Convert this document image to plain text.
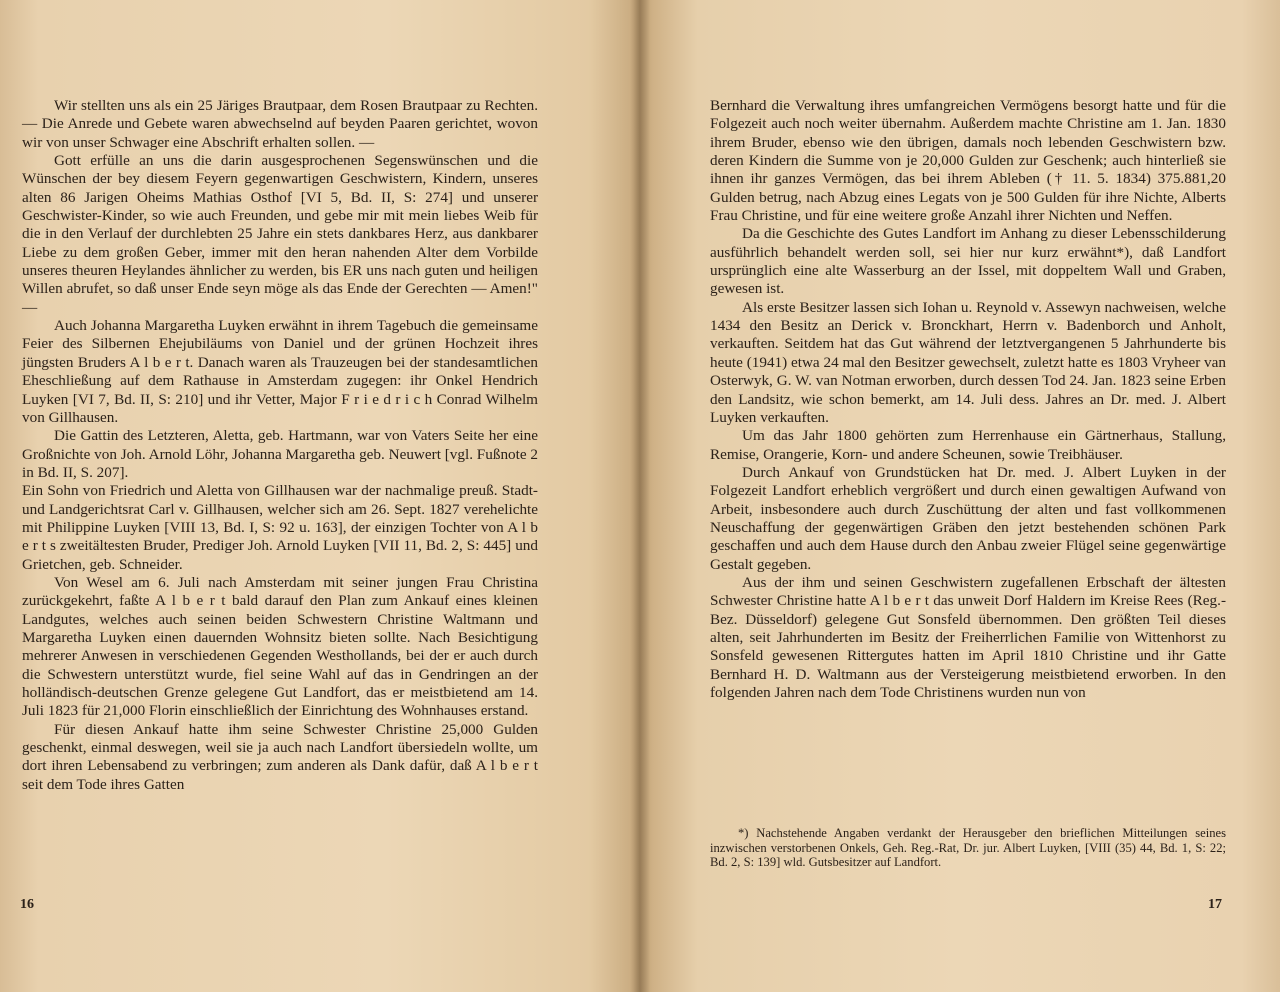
Wir stellten uns als ein 25 Järiges Brautpaar, dem Rosen Brautpaar zu Rechten. — Die Anrede und Gebete waren abwechselnd auf beyden Paaren gerichtet, wovon wir von unser Schwager eine Abschrift erhalten sollen. —

Gott erfülle an uns die darin ausgesprochenen Segenswünschen und die Wünschen der bey diesem Feyern gegenwartigen Geschwistern, Kindern, unseres alten 86 Jarigen Oheims Mathias Osthof [VI 5, Bd. II, S: 274] und unserer Geschwister-Kinder, so wie auch Freunden, und gebe mir mit mein liebes Weib für die in den Verlauf der durchlebten 25 Jahre ein stets dankbares Herz, aus dankbarer Liebe zu dem großen Geber, immer mit den heran nahenden Alter dem Vorbilde unseres theuren Heylandes ähnlicher zu werden, bis ER uns nach guten und heiligen Willen abrufet, so daß unser Ende seyn möge als das Ende der Gerechten — Amen!" —

Auch Johanna Margaretha Luyken erwähnt in ihrem Tagebuch die gemeinsame Feier des Silbernen Ehejubiläums von Daniel und der grünen Hochzeit ihres jüngsten Bruders A l b e r t. Danach waren als Trauzeugen bei der standesamtlichen Eheschließung auf dem Rathause in Amsterdam zugegen: ihr Onkel Hendrich Luyken [VI 7, Bd. II, S: 210] und ihr Vetter, Major F r i e d r i c h Conrad Wilhelm von Gillhausen.

Die Gattin des Letzteren, Aletta, geb. Hartmann, war von Vaters Seite her eine Großnichte von Joh. Arnold Löhr, Johanna Margaretha geb. Neuwert [vgl. Fußnote 2 in Bd. II, S. 207].

Ein Sohn von Friedrich und Aletta von Gillhausen war der nachmalige preuß. Stadt- und Landgerichtsrat Carl v. Gillhausen, welcher sich am 26. Sept. 1827 verehelichte mit Philippine Luyken [VIII 13, Bd. I, S: 92 u. 163], der einzigen Tochter von A l b e r t s zweitältesten Bruder, Prediger Joh. Arnold Luyken [VII 11, Bd. 2, S: 445] und Grietchen, geb. Schneider.

Von Wesel am 6. Juli nach Amsterdam mit seiner jungen Frau Christina zurückgekehrt, faßte A l b e r t bald darauf den Plan zum Ankauf eines kleinen Landgutes, welches auch seinen beiden Schwestern Christine Waltmann und Margaretha Luyken einen dauernden Wohnsitz bieten sollte. Nach Besichtigung mehrerer Anwesen in verschiedenen Gegenden Westhollands, bei der er auch durch die Schwestern unterstützt wurde, fiel seine Wahl auf das in Gendringen an der holländisch-deutschen Grenze gelegene Gut Landfort, das er meistbietend am 14. Juli 1823 für 21,000 Florin einschließlich der Einrichtung des Wohnhauses erstand.

Für diesen Ankauf hatte ihm seine Schwester Christine 25,000 Gulden geschenkt, einmal deswegen, weil sie ja auch nach Landfort übersiedeln wollte, um dort ihren Lebensabend zu verbringen; zum anderen als Dank dafür, daß A l b e r t seit dem Tode ihres Gatten

16

Bernhard die Verwaltung ihres umfangreichen Vermögens besorgt hatte und für die Folgezeit auch noch weiter übernahm. Außerdem machte Christine am 1. Jan. 1830 ihrem Bruder, ebenso wie den übrigen, damals noch lebenden Geschwistern bzw. deren Kindern die Summe von je 20,000 Gulden zur Geschenk; auch hinterließ sie ihnen ihr ganzes Vermögen, das bei ihrem Ableben († 11. 5. 1834) 375.881,20 Gulden betrug, nach Abzug eines Legats von je 500 Gulden für ihre Nichte, Alberts Frau Christine, und für eine weitere große Anzahl ihrer Nichten und Neffen.

Da die Geschichte des Gutes Landfort im Anhang zu dieser Lebensschilderung ausführlich behandelt werden soll, sei hier nur kurz erwähnt*), daß Landfort ursprünglich eine alte Wasserburg an der Issel, mit doppeltem Wall und Graben, gewesen ist.

Als erste Besitzer lassen sich Iohan u. Reynold v. Assewyn nachweisen, welche 1434 den Besitz an Derick v. Bronckhart, Herrn v. Badenborch und Anholt, verkauften. Seitdem hat das Gut während der letztvergangenen 5 Jahrhunderte bis heute (1941) etwa 24 mal den Besitzer gewechselt, zuletzt hatte es 1803 Vryheer van Osterwyk, G. W. van Notman erworben, durch dessen Tod 24. Jan. 1823 seine Erben den Landsitz, wie schon bemerkt, am 14. Juli dess. Jahres an Dr. med. J. Albert Luyken verkauften.

Um das Jahr 1800 gehörten zum Herrenhause ein Gärtnerhaus, Stallung, Remise, Orangerie, Korn- und andere Scheunen, sowie Treibhäuser.

Durch Ankauf von Grundstücken hat Dr. med. J. Albert Luyken in der Folgezeit Landfort erheblich vergrößert und durch einen gewaltigen Aufwand von Arbeit, insbesondere auch durch Zuschüttung der alten und fast vollkommenen Neuschaffung der gegenwärtigen Gräben den jetzt bestehenden schönen Park geschaffen und auch dem Hause durch den Anbau zweier Flügel seine gegenwärtige Gestalt gegeben.

Aus der ihm und seinen Geschwistern zugefallenen Erbschaft der ältesten Schwester Christine hatte A l b e r t das unweit Dorf Haldern im Kreise Rees (Reg.-Bez. Düsseldorf) gelegene Gut Sonsfeld übernommen. Den größten Teil dieses alten, seit Jahrhunderten im Besitz der Freiherrlichen Familie von Wittenhorst zu Sonsfeld gewesenen Rittergutes hatten im April 1810 Christine und ihr Gatte Bernhard H. D. Waltmann aus der Versteigerung meistbietend erworben. In den folgenden Jahren nach dem Tode Christinens wurden nun von

*) Nachstehende Angaben verdankt der Herausgeber den brieflichen Mitteilungen seines inzwischen verstorbenen Onkels, Geh. Reg.-Rat, Dr. jur. Albert Luyken, [VIII (35) 44, Bd. 1, S: 22; Bd. 2, S: 139] wld. Gutsbesitzer auf Landfort.

17
